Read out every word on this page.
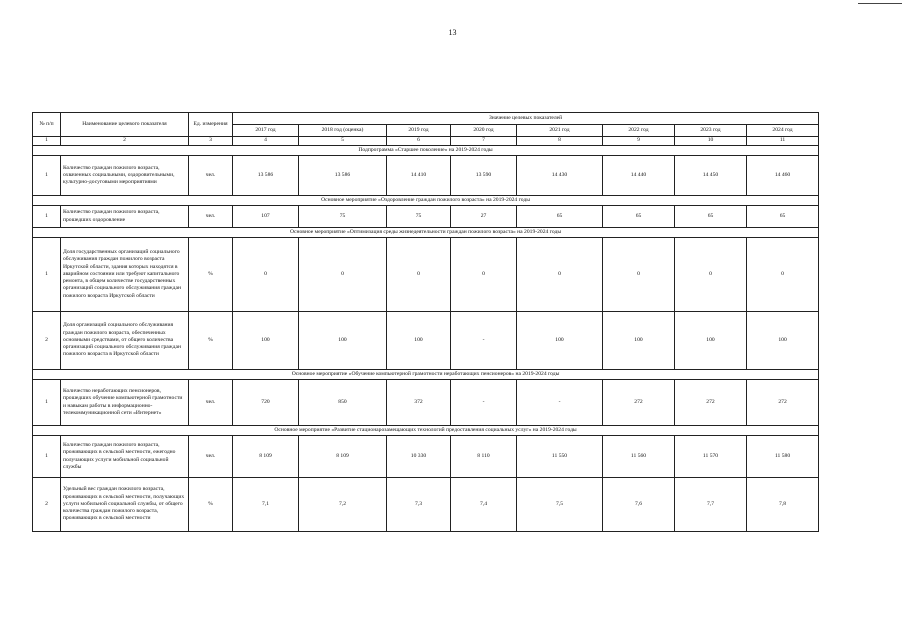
13
№ п/п	Наименование целевого показателя	Ед. измерения	Значение целевых показателей							
			2017 год	2018 год (оценка)	2019 год	2020 год	2021 год	2022 год	2023 год	2024 год
1	2	3	4	5	6	7	8	9	10	11
Подпрограмма «Старшее поколение» на 2019-2024 годы										
1	Количество граждан пожилого возраста, охваченных социальными, оздоровительными, культурно-досуговыми мероприятиями	чел.	13 586	13 586	14 410	13 590	14 430	14 440	14 450	14 460
Основное мероприятие «Оздоровление граждан пожилого возраста» на 2019-2024 годы										
1	Количество граждан пожилого возраста, прошедших оздоровление	чел.	107	75	75	27	65	65	65	65
Основное мероприятие «Оптимизация среды жизнедеятельности граждан пожилого возраста» на 2019-2024 годы										
1	Доля государственных организаций социального обслуживания граждан пожилого возраста Иркутской области, здания которых находятся в аварийном состоянии или требуют капитального ремонта, в общем количестве государственных организаций социального обслуживания граждан пожилого возраста Иркутской области	%	0	0	0	0	0	0	0	0
2	Доля организаций социального обслуживания граждан пожилого возраста, обеспеченных основными средствами, от общего количества организаций социального обслуживания граждан пожилого возраста в Иркутской области	%	100	100	100	-	100	100	100	100
Основное мероприятие «Обучение компьютерной грамотности неработающих пенсионеров» на 2019-2024 годы										
1	Количество неработающих пенсионеров, прошедших обучение компьютерной грамотности и навыкам работы в информационно-телекоммуникационной сети «Интернет»	чел.	720	850	372	-	-	272	272	272
Основное мероприятие «Развитие стационарозамещающих технологий предоставления социальных услуг» на 2019-2024 годы										
1	Количество граждан пожилого возраста, проживающих в сельской местности, ежегодно получающих услуги мобильной социальной службы	чел.	8 109	8 109	10 330	8 110	11 550	11 560	11 570	11 580
2	Удельный вес граждан пожилого возраста, проживающих в сельской местности, получающих услуги мобильной социальной службы, от общего количества граждан пожилого возраста, проживающих в сельской местности	%	7,1	7,2	7,3	7,4	7,5	7,6	7,7	7,8
